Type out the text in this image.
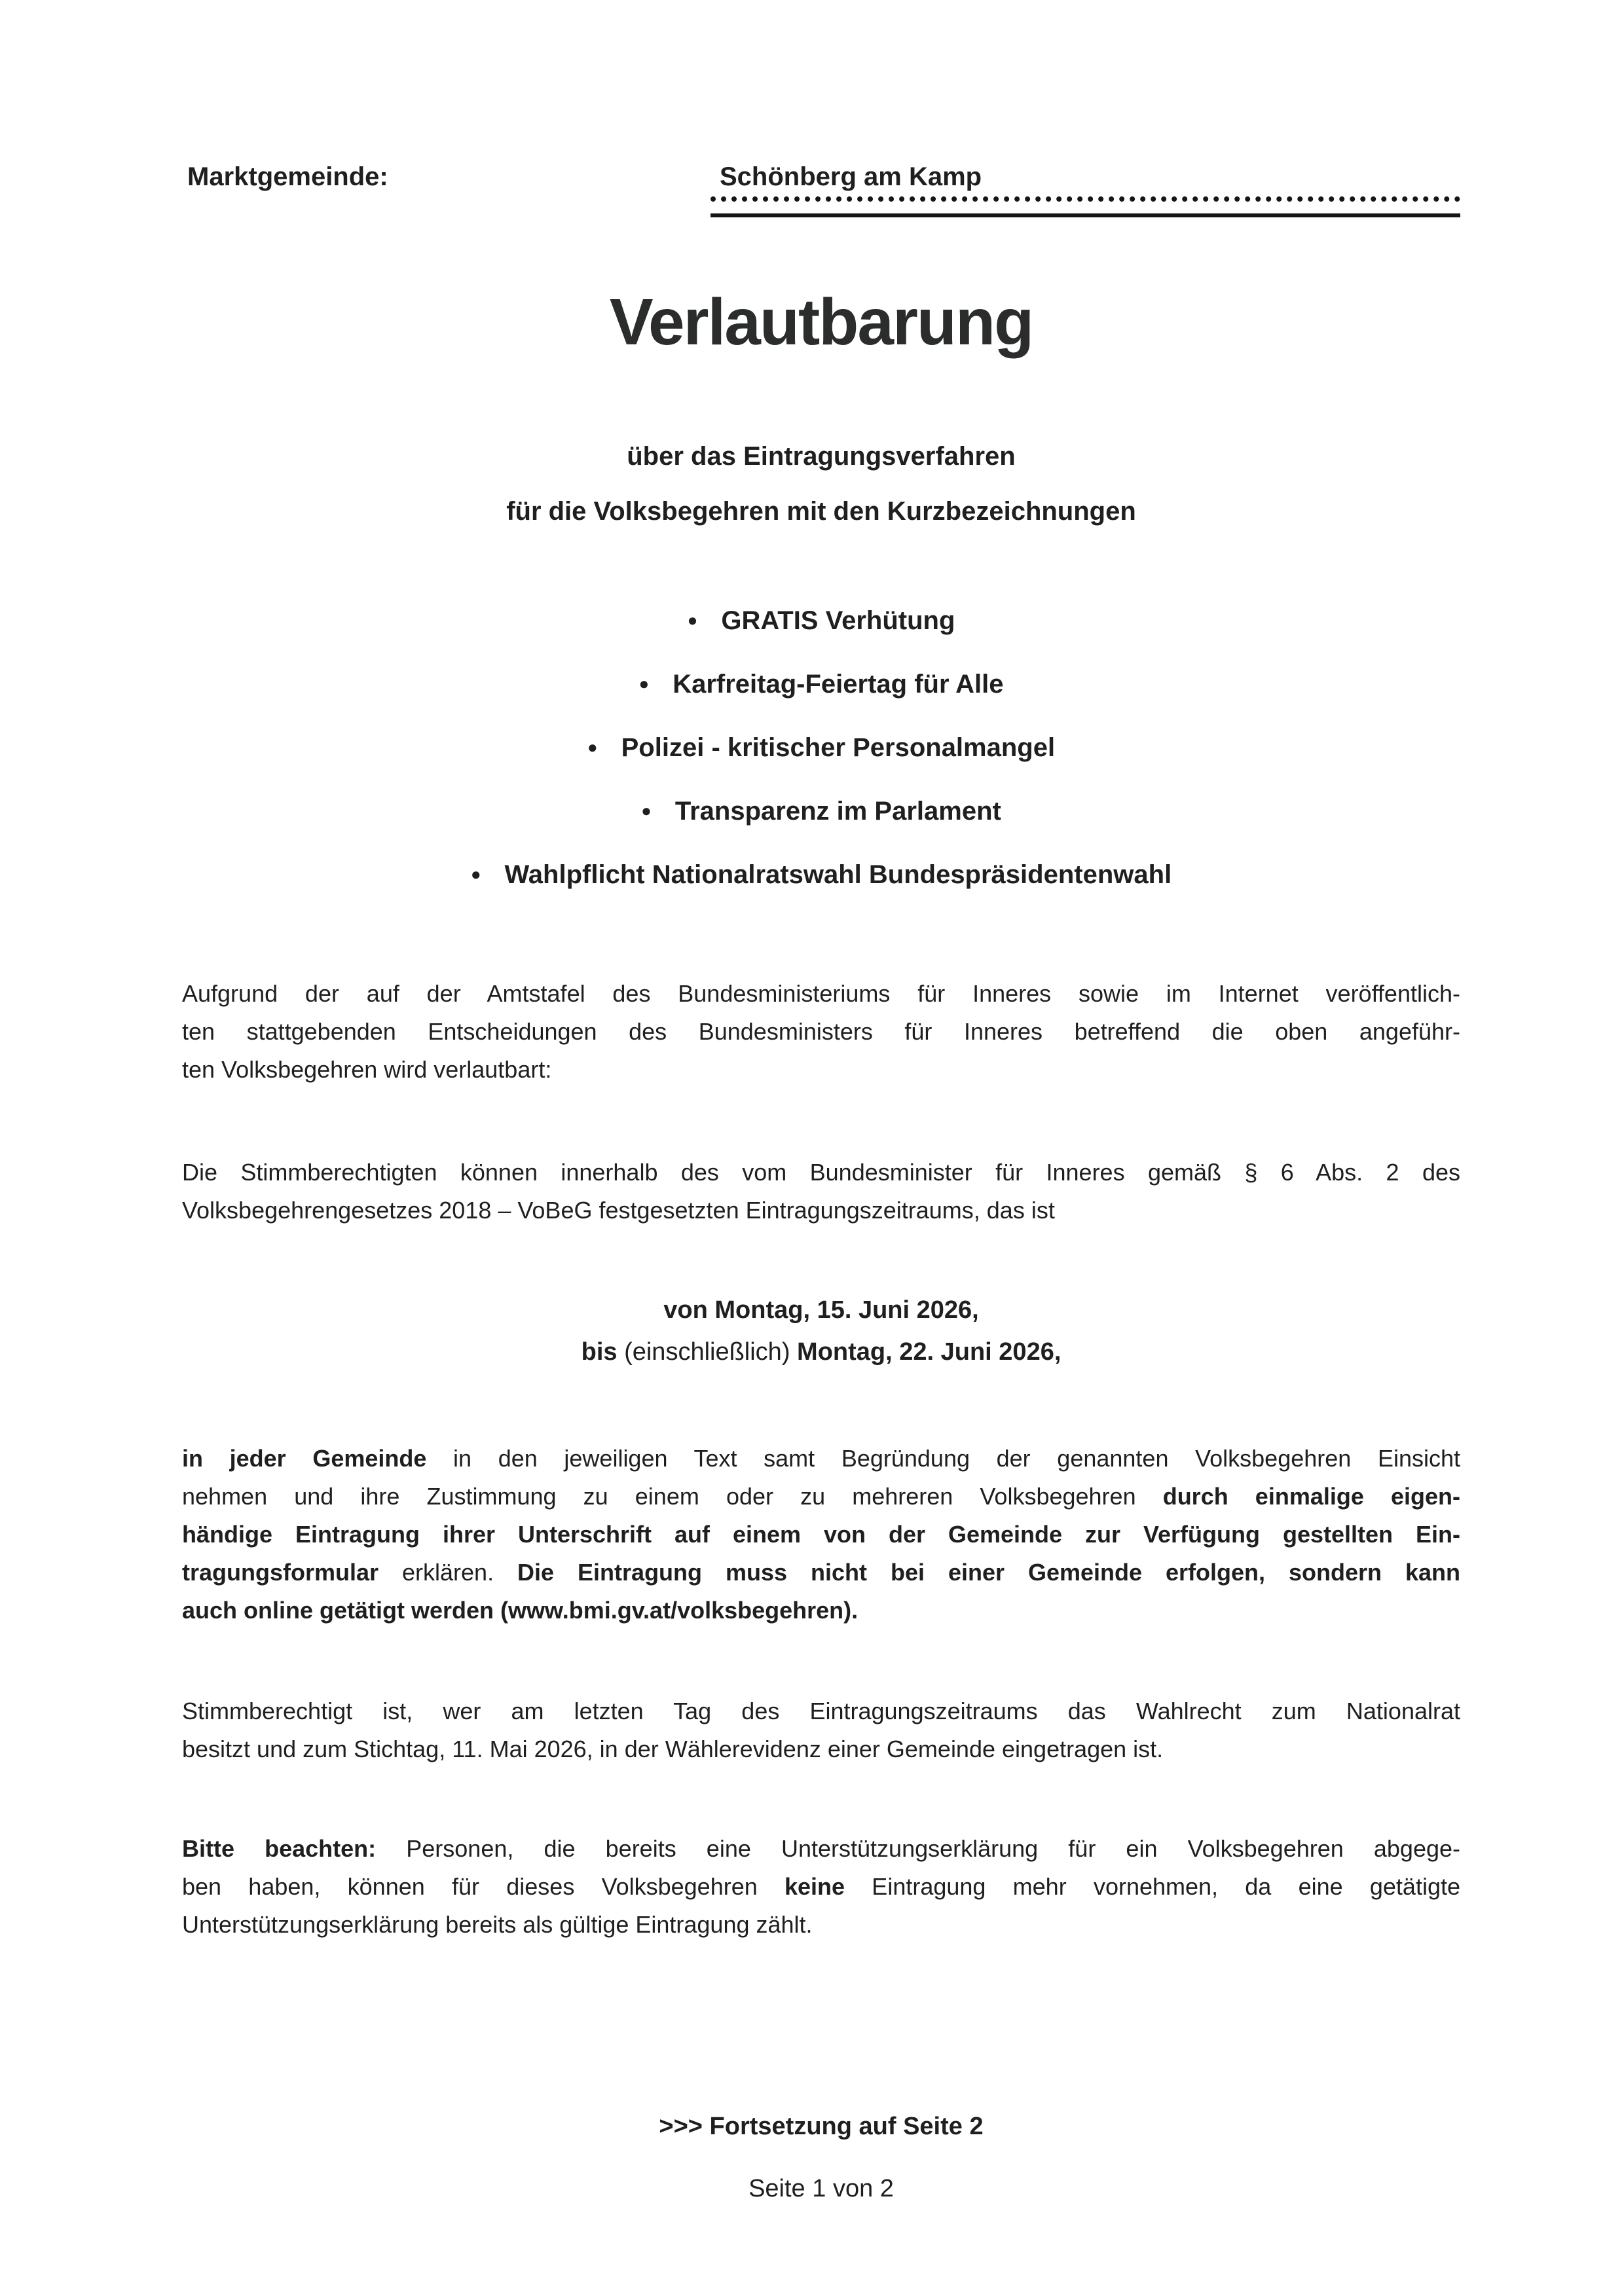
Marktgemeinde:	Schönberg am Kamp
Verlautbarung
über das Eintragungsverfahren
für die Volksbegehren mit den Kurzbezeichnungen
● GRATIS Verhütung
● Karfreitag-Feiertag für Alle
● Polizei - kritischer Personalmangel
● Transparenz im Parlament
● Wahlpflicht Nationalratswahl Bundespräsidentenwahl
Aufgrund der auf der Amtstafel des Bundesministeriums für Inneres sowie im Internet veröffentlich-
ten stattgebenden Entscheidungen des Bundesministers für Inneres betreffend die oben angeführ-
ten Volksbegehren wird verlautbart:
Die Stimmberechtigten können innerhalb des vom Bundesminister für Inneres gemäß § 6 Abs. 2 des
Volksbegehrengesetzes 2018 – VoBeG festgesetzten Eintragungszeitraums, das ist
von Montag, 15. Juni 2026,
bis (einschließlich) Montag, 22. Juni 2026,
in jeder Gemeinde in den jeweiligen Text samt Begründung der genannten Volksbegehren Einsicht
nehmen und ihre Zustimmung zu einem oder zu mehreren Volksbegehren durch einmalige eigen-
händige Eintragung ihrer Unterschrift auf einem von der Gemeinde zur Verfügung gestellten Ein-
tragungsformular erklären. Die Eintragung muss nicht bei einer Gemeinde erfolgen, sondern kann
auch online getätigt werden (www.bmi.gv.at/volksbegehren).
Stimmberechtigt ist, wer am letzten Tag des Eintragungszeitraums das Wahlrecht zum Nationalrat
besitzt und zum Stichtag, 11. Mai 2026, in der Wählerevidenz einer Gemeinde eingetragen ist.
Bitte beachten: Personen, die bereits eine Unterstützungserklärung für ein Volksbegehren abgege-
ben haben, können für dieses Volksbegehren keine Eintragung mehr vornehmen, da eine getätigte
Unterstützungserklärung bereits als gültige Eintragung zählt.
>>> Fortsetzung auf Seite 2
Seite 1 von 2
